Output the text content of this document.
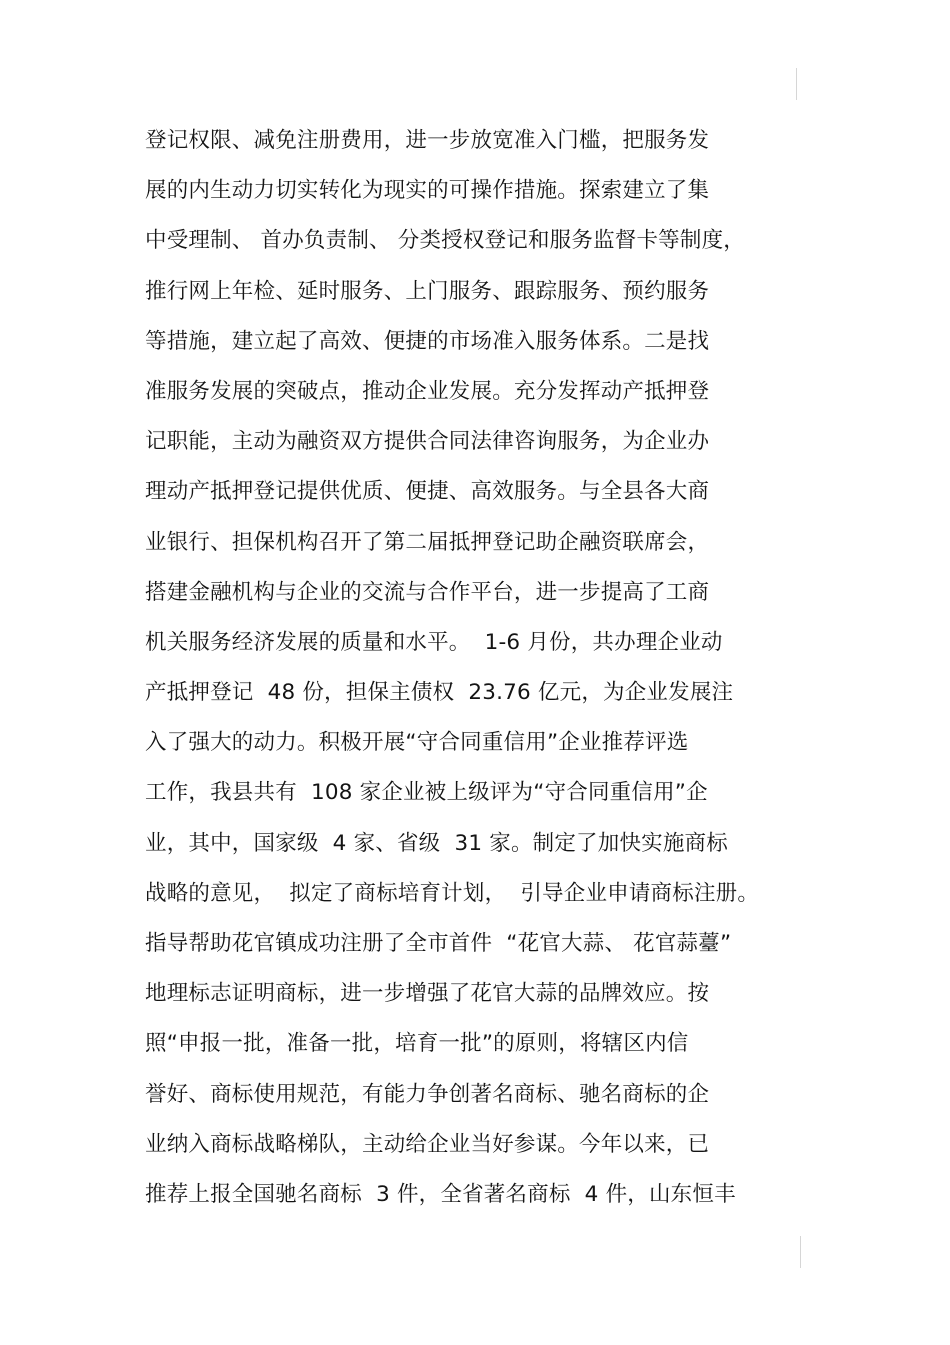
登记权限、减免注册费用，进一步放宽准入门槛，把服务发
展的内生动力切实转化为现实的可操作措施。探索建立了集
中受理制、 首办负责制、 分类授权登记和服务监督卡等制度，
推行网上年检、延时服务、上门服务、跟踪服务、预约服务
等措施，建立起了高效、便捷的市场准入服务体系。二是找
准服务发展的突破点，推动企业发展。充分发挥动产抵押登
记职能，主动为融资双方提供合同法律咨询服务，为企业办
理动产抵押登记提供优质、便捷、高效服务。与全县各大商
业银行、担保机构召开了第二届抵押登记助企融资联席会，
搭建金融机构与企业的交流与合作平台，进一步提高了工商
机关服务经济发展的质量和水平。  1-6 月份，共办理企业动
产抵押登记  48 份，担保主债权  23.76 亿元，为企业发展注
入了强大的动力。积极开展“守合同重信用”企业推荐评选
工作，我县共有  108 家企业被上级评为“守合同重信用”企
业，其中，国家级  4 家、省级  31 家。制定了加快实施商标
战略的意见，  拟定了商标培育计划，  引导企业申请商标注册。
指导帮助花官镇成功注册了全市首件  “花官大蒜、 花官蒜薹”
地理标志证明商标，进一步增强了花官大蒜的品牌效应。按
照“申报一批，准备一批，培育一批”的原则，将辖区内信
誉好、商标使用规范，有能力争创著名商标、驰名商标的企
业纳入商标战略梯队，主动给企业当好参谋。今年以来，已
推荐上报全国驰名商标  3 件，全省著名商标  4 件，山东恒丰
